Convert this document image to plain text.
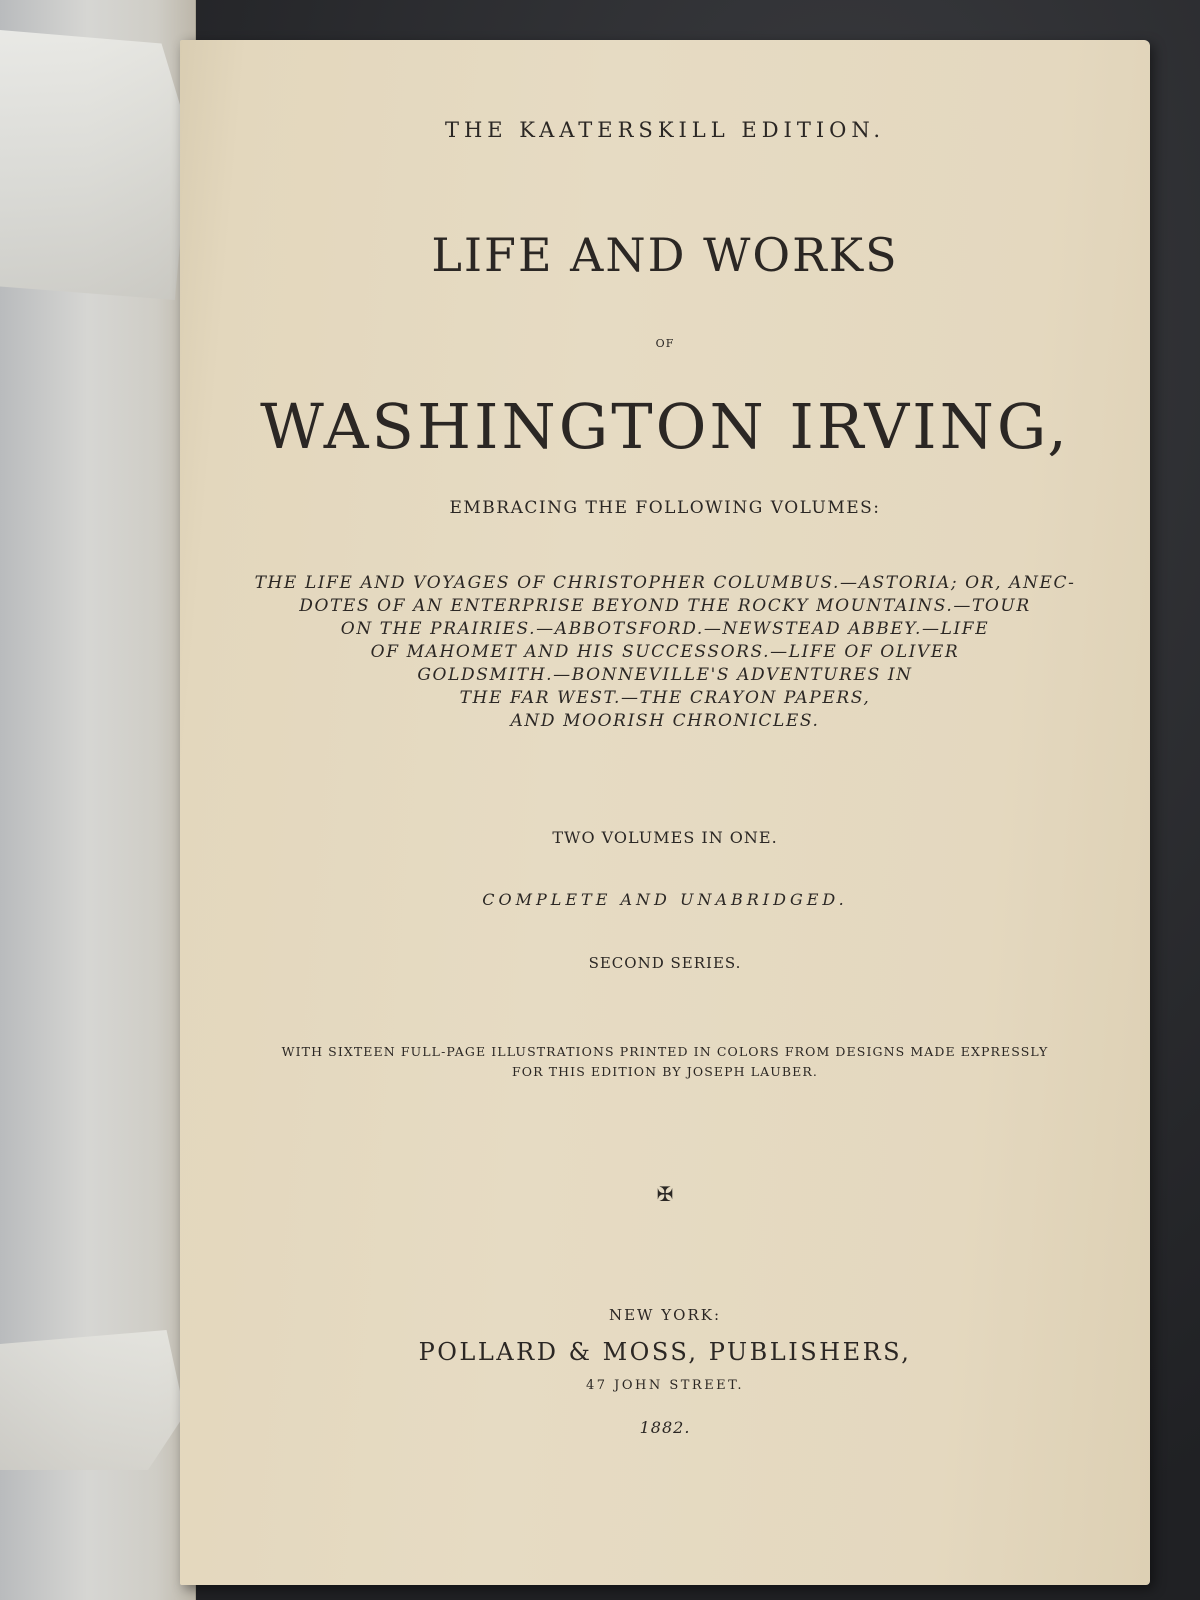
THE KAATERSKILL EDITION.

LIFE AND WORKS

OF

WASHINGTON IRVING,

EMBRACING THE FOLLOWING VOLUMES:

THE LIFE AND VOYAGES OF CHRISTOPHER COLUMBUS.—ASTORIA; OR, ANEC-
DOTES OF AN ENTERPRISE BEYOND THE ROCKY MOUNTAINS.—TOUR
ON THE PRAIRIES.—ABBOTSFORD.—NEWSTEAD ABBEY.—LIFE
OF MAHOMET AND HIS SUCCESSORS.—LIFE OF OLIVER
GOLDSMITH.—BONNEVILLE'S ADVENTURES IN
THE FAR WEST.—THE CRAYON PAPERS,
AND MOORISH CHRONICLES.

TWO VOLUMES IN ONE.

COMPLETE AND UNABRIDGED.

SECOND SERIES.

WITH SIXTEEN FULL-PAGE ILLUSTRATIONS PRINTED IN COLORS FROM DESIGNS MADE EXPRESSLY
FOR THIS EDITION BY JOSEPH LAUBER.

✠

NEW YORK:

POLLARD & MOSS, PUBLISHERS,

47 JOHN STREET.

1882.
